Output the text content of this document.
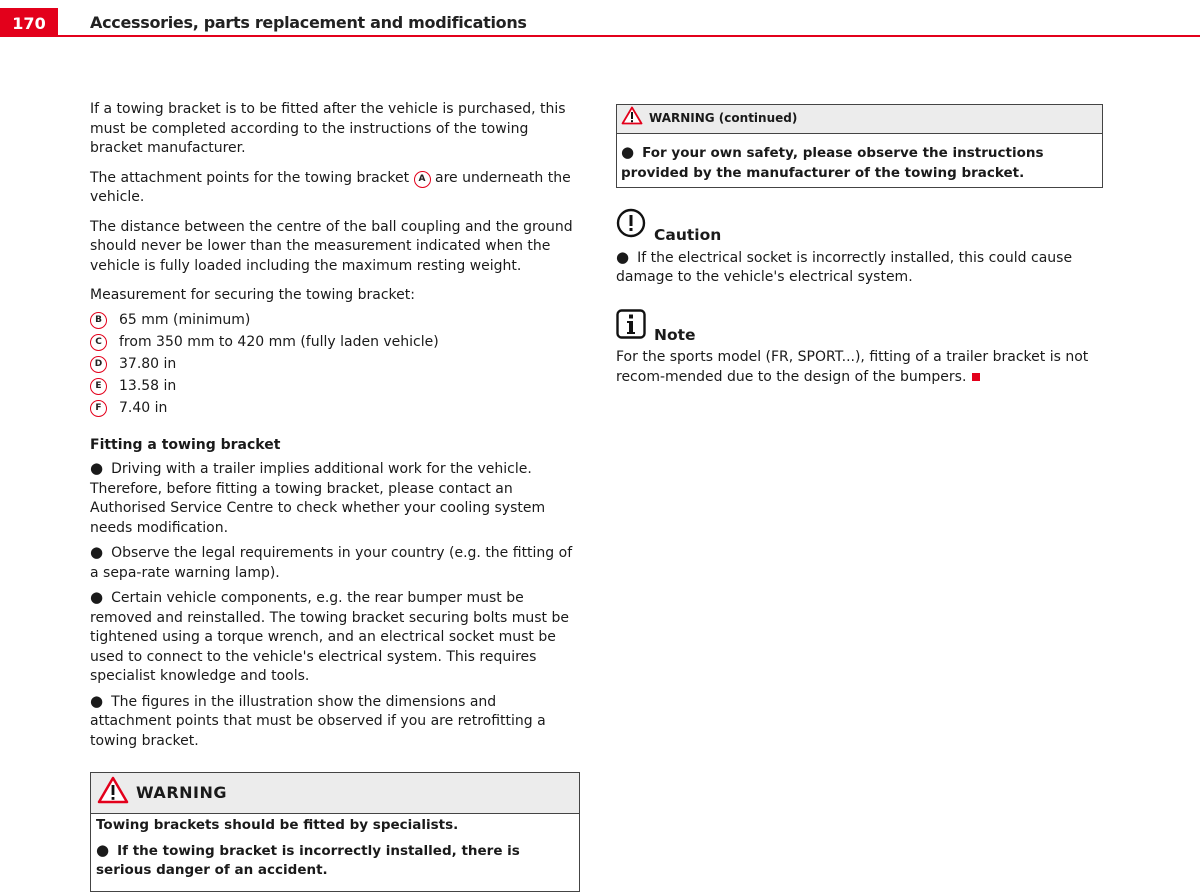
170	Accessories, parts replacement and modifications

If a towing bracket is to be fitted after the vehicle is purchased, this must be completed according to the instructions of the towing bracket manufacturer.

The attachment points for the towing bracket A are underneath the vehicle.

The distance between the centre of the ball coupling and the ground should never be lower than the measurement indicated when the vehicle is fully loaded including the maximum resting weight.

Measurement for securing the towing bracket:

B	65 mm (minimum)
C	from 350 mm to 420 mm (fully laden vehicle)
D	37.80 in
E	13.58 in
F	7.40 in
Fitting a towing bracket

● Driving with a trailer implies additional work for the vehicle. Therefore, before fitting a towing bracket, please contact an Authorised Service Centre to check whether your cooling system needs modification.

● Observe the legal requirements in your country (e.g. the fitting of a sepa-rate warning lamp).

● Certain vehicle components, e.g. the rear bumper must be removed and reinstalled. The towing bracket securing bolts must be tightened using a torque wrench, and an electrical socket must be used to connect to the vehicle's electrical system. This requires specialist knowledge and tools.

● The figures in the illustration show the dimensions and attachment points that must be observed if you are retrofitting a towing bracket.

WARNING

Towing brackets should be fitted by specialists.

● If the towing bracket is incorrectly installed, there is serious danger of an accident.

WARNING (continued)

● For your own safety, please observe the instructions provided by the manufacturer of the towing bracket.

Caution

● If the electrical socket is incorrectly installed, this could cause damage to the vehicle's electrical system.

Note

For the sports model (FR, SPORT...), fitting of a trailer bracket is not recom-mended due to the design of the bumpers.
